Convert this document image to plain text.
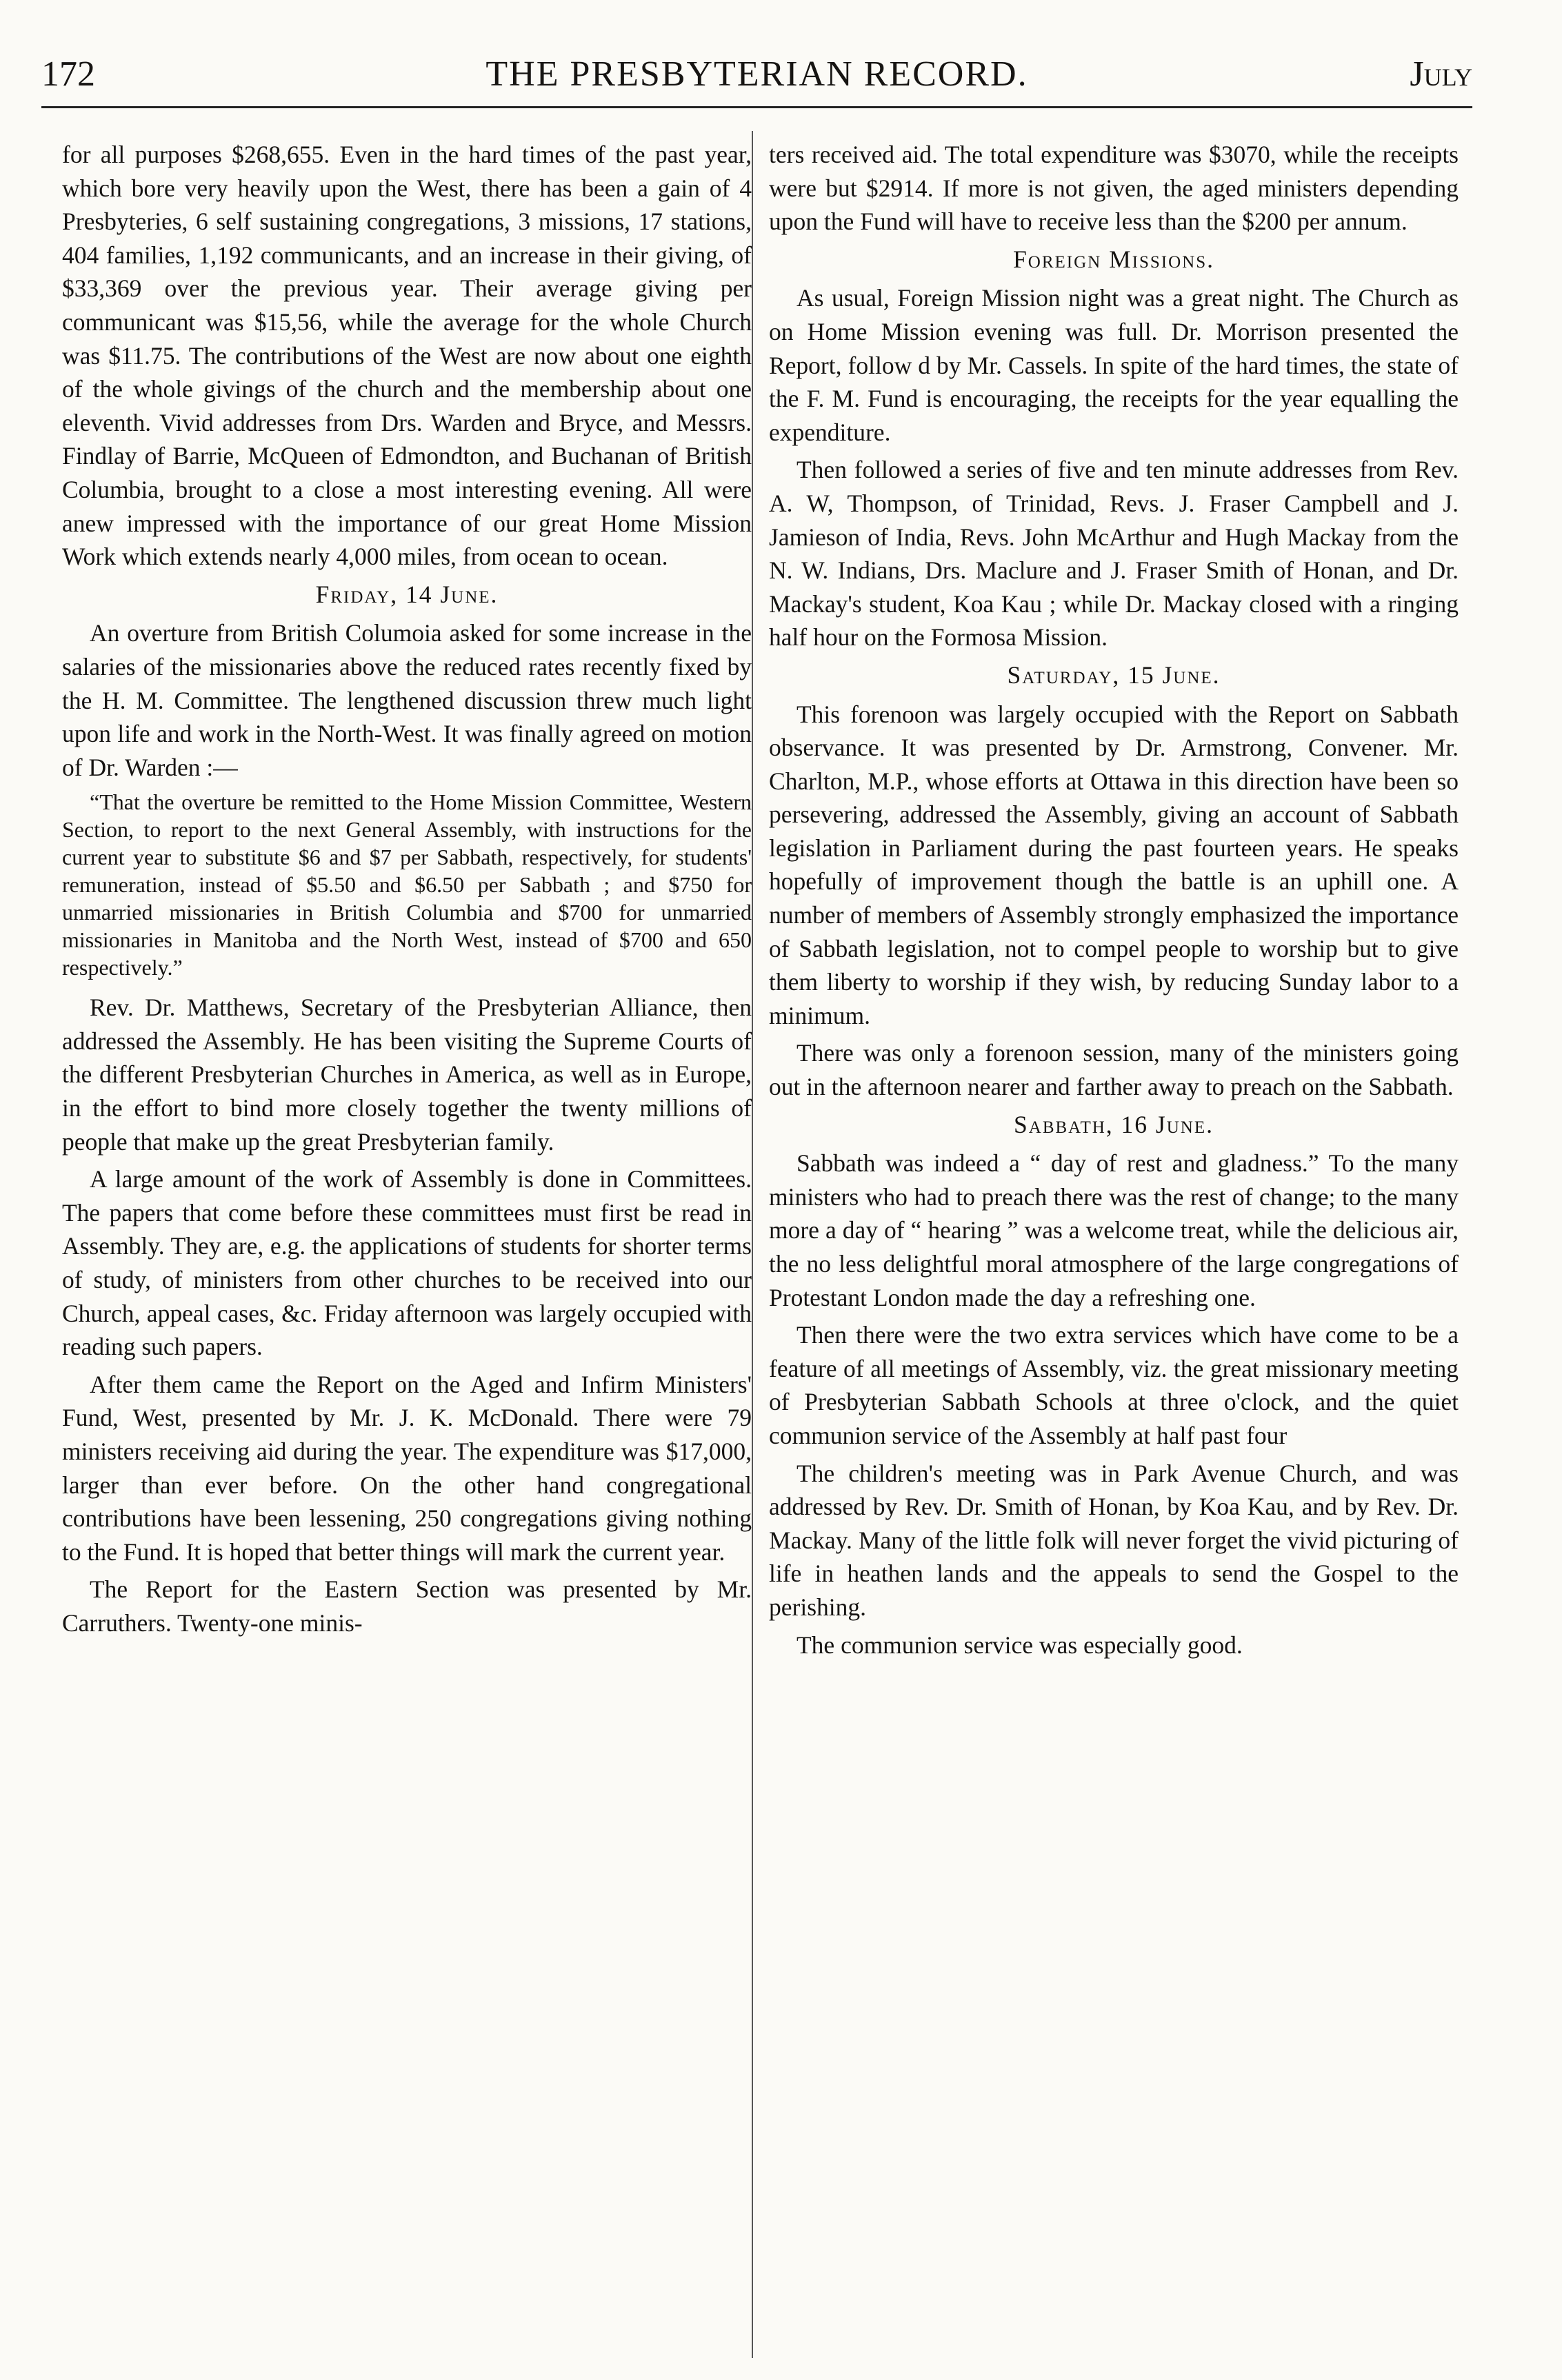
172	THE PRESBYTERIAN RECORD.	July

for all purposes $268,655. Even in the hard times of the past year, which bore very heavily upon the West, there has been a gain of 4 Presbyteries, 6 self sustaining congregations, 3 missions, 17 stations, 404 families, 1,192 communicants, and an increase in their giving, of $33,369 over the previous year. Their average giving per communicant was $15,56, while the average for the whole Church was $11.75. The contributions of the West are now about one eighth of the whole givings of the church and the membership about one eleventh. Vivid addresses from Drs. Warden and Bryce, and Messrs. Findlay of Barrie, McQueen of Edmondton, and Buchanan of British Columbia, brought to a close a most interesting evening. All were anew impressed with the importance of our great Home Mission Work which extends nearly 4,000 miles, from ocean to ocean.

Friday, 14 June.

An overture from British Columoia asked for some increase in the salaries of the missionaries above the reduced rates recently fixed by the H. M. Committee. The lengthened discussion threw much light upon life and work in the North-West. It was finally agreed on motion of Dr. Warden :—

“That the overture be remitted to the Home Mission Committee, Western Section, to report to the next General Assembly, with instructions for the current year to substitute $6 and $7 per Sabbath, respectively, for students' remuneration, instead of $5.50 and $6.50 per Sabbath ; and $750 for unmarried missionaries in British Columbia and $700 for unmarried missionaries in Manitoba and the North West, instead of $700 and 650 respectively.”

Rev. Dr. Matthews, Secretary of the Presbyterian Alliance, then addressed the Assembly. He has been visiting the Supreme Courts of the different Presbyterian Churches in America, as well as in Europe, in the effort to bind more closely together the twenty millions of people that make up the great Presbyterian family.

A large amount of the work of Assembly is done in Committees. The papers that come before these committees must first be read in Assembly. They are, e.g. the applications of students for shorter terms of study, of ministers from other churches to be received into our Church, appeal cases, &c. Friday afternoon was largely occupied with reading such papers.

After them came the Report on the Aged and Infirm Ministers' Fund, West, presented by Mr. J. K. McDonald. There were 79 ministers receiving aid during the year. The expenditure was $17,000, larger than ever before. On the other hand congregational contributions have been lessening, 250 congregations giving nothing to the Fund. It is hoped that better things will mark the current year.

The Report for the Eastern Section was presented by Mr. Carruthers. Twenty-one minis-

ters received aid. The total expenditure was $3070, while the receipts were but $2914. If more is not given, the aged ministers depending upon the Fund will have to receive less than the $200 per annum.

Foreign Missions.

As usual, Foreign Mission night was a great night. The Church as on Home Mission evening was full. Dr. Morrison presented the Report, follow d by Mr. Cassels. In spite of the hard times, the state of the F. M. Fund is encouraging, the receipts for the year equalling the expenditure.

Then followed a series of five and ten minute addresses from Rev. A. W, Thompson, of Trinidad, Revs. J. Fraser Campbell and J. Jamieson of India, Revs. John McArthur and Hugh Mackay from the N. W. Indians, Drs. Maclure and J. Fraser Smith of Honan, and Dr. Mackay's student, Koa Kau ; while Dr. Mackay closed with a ringing half hour on the Formosa Mission.

Saturday, 15 June.

This forenoon was largely occupied with the Report on Sabbath observance. It was presented by Dr. Armstrong, Convener. Mr. Charlton, M.P., whose efforts at Ottawa in this direction have been so persevering, addressed the Assembly, giving an account of Sabbath legislation in Parliament during the past fourteen years. He speaks hopefully of improvement though the battle is an uphill one. A number of members of Assembly strongly emphasized the importance of Sabbath legislation, not to compel people to worship but to give them liberty to worship if they wish, by reducing Sunday labor to a minimum.

There was only a forenoon session, many of the ministers going out in the afternoon nearer and farther away to preach on the Sabbath.

Sabbath, 16 June.

Sabbath was indeed a “ day of rest and gladness.” To the many ministers who had to preach there was the rest of change; to the many more a day of “ hearing ” was a welcome treat, while the delicious air, the no less delightful moral atmosphere of the large congregations of Protestant London made the day a refreshing one.

Then there were the two extra services which have come to be a feature of all meetings of Assembly, viz. the great missionary meeting of Presbyterian Sabbath Schools at three o'clock, and the quiet communion service of the Assembly at half past four

The children's meeting was in Park Avenue Church, and was addressed by Rev. Dr. Smith of Honan, by Koa Kau, and by Rev. Dr. Mackay. Many of the little folk will never forget the vivid picturing of life in heathen lands and the appeals to send the Gospel to the perishing.

The communion service was especially good.
